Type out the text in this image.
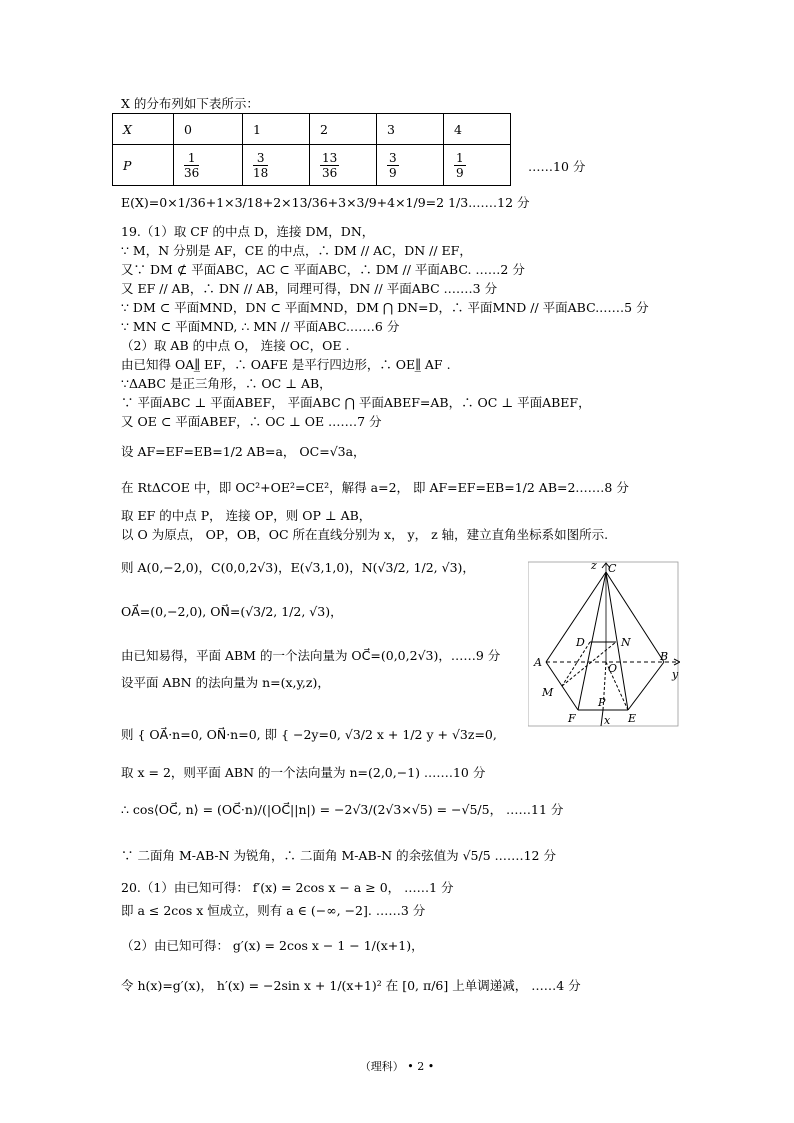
X 的分布列如下表所示：
X	0	1	2	3	4
P	$\frac{1}{36}$	$\frac{3}{18}$	$\frac{13}{36}$	$\frac{3}{9}$	$\frac{1}{9}$	……10 分
E(X)=0×1/36+1×3/18+2×13/36+3×3/9+4×1/9=2 1/3.……12 分
19.（1）取 CF 的中点 D，连接 DM，DN，
∵ M，N 分别是 AF，CE 的中点，∴ DM // AC，DN // EF，
又∵ DM ⊄ 平面ABC，AC ⊂ 平面ABC，∴ DM // 平面ABC. ……2 分
又 EF // AB，∴ DN // AB，同理可得，DN // 平面ABC .……3 分
∵ DM ⊂ 平面MND，DN ⊂ 平面MND，DM ⋂ DN=D，∴ 平面MND // 平面ABC.……5 分
∵ MN ⊂ 平面MND, ∴ MN // 平面ABC.……6 分
（2）取 AB 的中点 O， 连接 OC，OE .
由已知得 OA∥̲ EF，∴ OAFE 是平行四边形，∴ OE∥̲ AF .
∵ΔABC 是正三角形，∴ OC ⊥ AB，
∵ 平面ABC ⊥ 平面ABEF， 平面ABC ⋂ 平面ABEF=AB，∴ OC ⊥ 平面ABEF，
又 OE ⊂ 平面ABEF，∴ OC ⊥ OE .……7 分
设 AF=EF=EB=1/2 AB=a， OC=√3a，
在 RtΔCOE 中，即 OC²+OE²=CE²，解得 a=2， 即 AF=EF=EB=1/2 AB=2.……8 分
取 EF 的中点 P， 连接 OP，则 OP ⊥ AB，
以 O 为原点， OP，OB，OC 所在直线分别为 x， y， z 轴，建立直角坐标系如图所示.
则 A(0,−2,0)，C(0,0,2√3)，E(√3,1,0)，N(√3/2, 1/2, √3)，
OA⃗=(0,−2,0), ON⃗=(√3/2, 1/2, √3)，
由已知易得，平面 ABM 的一个法向量为 OC⃗=(0,0,2√3)，……9 分
设平面 ABN 的法向量为 n=(x,y,z)，
则 { OA⃗·n=0, ON⃗·n=0, 即 { −2y=0, √3/2 x + 1/2 y + √3z=0,
取 x = 2，则平面 ABN 的一个法向量为 n=(2,0,−1) .……10 分
∴ cos⟨OC⃗, n⟩ = (OC⃗·n)/(|OC⃗||n|) = −2√3/(2√3×√5) = −√5/5， ……11 分
∵ 二面角 M-AB-N 为锐角，∴ 二面角 M-AB-N 的余弦值为 √5/5 .……12 分
20.（1）由已知可得： f′(x) = 2cos x − a ≥ 0， ……1 分
即 a ≤ 2cos x 恒成立，则有 a ∈ (−∞, −2]. ……3 分
（2）由已知可得： g′(x) = 2cos x − 1 − 1/(x+1)，
令 h(x)=g′(x)， h′(x) = −2sin x + 1/(x+1)² 在 [0, π/6] 上单调递减， ……4 分
z C
D	N
A	O
B
y
M
F
P
E
x
（理科） • 2 •
